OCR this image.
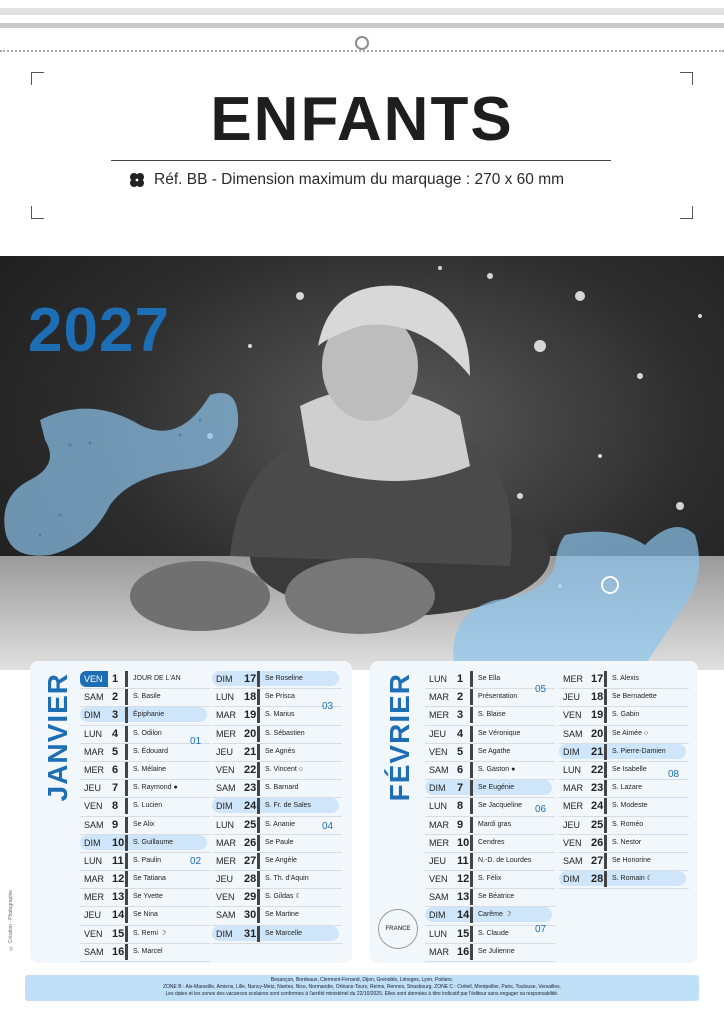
ENFANTS
Réf. BB - Dimension maximum du marquage : 270 x 60 mm
2027
JANVIER	VEN 1	JOUR DE L'AN
SAM 2	S. Basile
DIM	3	Épiphanie
LUN 4	S. Odilon
MAR 5	S. Édouard
MER 6	S. Mélaine
JEU 7	S. Raymond ●
VEN 8	S. Lucien
SAM 9	Se Alix
DIM	10	S. Guillaume
LUN 11	S. Paulin
MAR 12	Se Tatiana
MER 13	Se Yvette
JEU 14	Se Nina
VEN 15	S. Remi ☽
SAM 16	S. Marcel
DIM	17	Se Roseline
LUN 18	Se Prisca
MAR 19	S. Marius
MER 20	S. Sébastien
JEU 21	Se Agnès
VEN 22	S. Vincent ○
SAM 23	S. Barnard
DIM	24	S. Fr. de Sales
LUN 25	S. Ananie
MAR 26	Se Paule
MER 27	Se Angèle
JEU 28	S. Th. d'Aquin
VEN 29	S. Gildas ☾
SAM 30	Se Martine
DIM	31	Se Marcelle
01
02
03
04
FÉVRIER	LUN 1	Se Ella
MAR 2	Présentation
MER 3	S. Blaise
JEU 4	Se Véronique
VEN 5	Se Agathe
SAM 6	S. Gaston ●
DIM	7	Se Eugénie
LUN 8	Se Jacqueline
MAR 9	Mardi gras
MER 10	Cendres
JEU 11	N.-D. de Lourdes
VEN 12	S. Félix
SAM 13	Se Béatrice
DIM	14	Carême ☽
LUN 15	S. Claude
MAR 16	Se Julienne
MER 17	S. Alexis
JEU 18	Se Bernadette
VEN 19	S. Gabin
SAM 20	Se Aimée ○
DIM	21	S. Pierre-Damien
LUN 22	Se Isabelle
MAR 23	S. Lazare
MER 24	S. Modeste
JEU 25	S. Roméo
VEN 26	S. Nestor
SAM 27	Se Honorine
DIM	28	S. Romain ☾
05
06
07
08
FRANCE
© Création - Photographie
Besançon, Bordeaux, Clermont-Ferrand, Dijon, Grenoble, Limoges, Lyon, Poitiers.
ZONE B : Aix-Marseille, Amiens, Lille, Nancy-Metz, Nantes, Nice, Normandie, Orléans-Tours, Reims, Rennes, Strasbourg. ZONE C : Créteil, Montpellier, Paris, Toulouse, Versailles.
Les dates et les zones des vacances scolaires sont conformes à l'arrêté ministériel du 22/10/2025. Elles sont données à titre indicatif par l'éditeur sans engager sa responsabilité.
